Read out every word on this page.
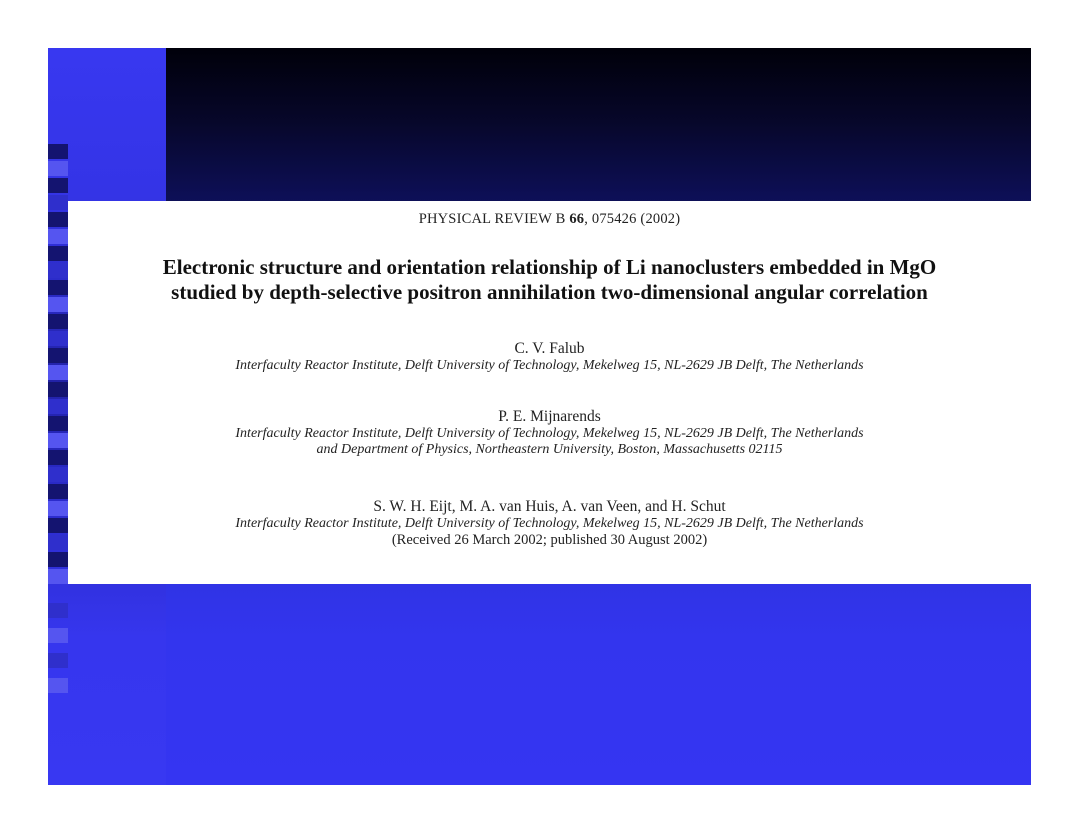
PHYSICAL REVIEW B 66, 075426 (2002)
Electronic structure and orientation relationship of Li nanoclusters embedded in MgO
studied by depth-selective positron annihilation two-dimensional angular correlation
C. V. Falub
Interfaculty Reactor Institute, Delft University of Technology, Mekelweg 15, NL-2629 JB Delft, The Netherlands
P. E. Mijnarends
Interfaculty Reactor Institute, Delft University of Technology, Mekelweg 15, NL-2629 JB Delft, The Netherlands
and Department of Physics, Northeastern University, Boston, Massachusetts 02115
S. W. H. Eijt, M. A. van Huis, A. van Veen, and H. Schut
Interfaculty Reactor Institute, Delft University of Technology, Mekelweg 15, NL-2629 JB Delft, The Netherlands
(Received 26 March 2002; published 30 August 2002)
